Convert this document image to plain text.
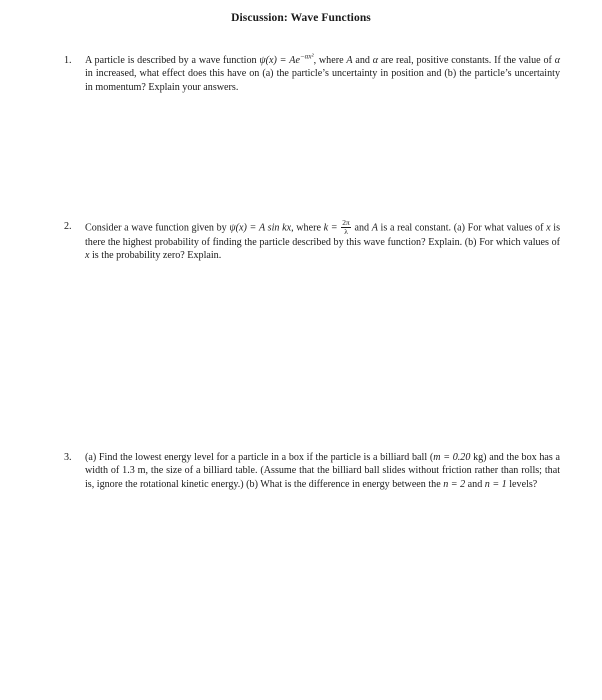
Discussion: Wave Functions
1. A particle is described by a wave function $\psi(x) = Ae^{-\alpha x^2}$, where A and α are real, positive constants. If the value of α in increased, what effect does this have on (a) the particle’s uncertainty in position and (b) the particle’s uncertainty in momentum? Explain your answers.
2. Consider a wave function given by ψ(x) = A sin kx, where $k = \frac{2\pi}{\lambda}$ and A is a real constant. (a) For what values of x is there the highest probability of finding the particle described by this wave function? Explain. (b) For which values of x is the probability zero? Explain.
3. (a) Find the lowest energy level for a particle in a box if the particle is a billiard ball (m = 0.20 kg) and the box has a width of 1.3 m, the size of a billiard table. (Assume that the billiard ball slides without friction rather than rolls; that is, ignore the rotational kinetic energy.) (b) What is the difference in energy between the n = 2 and n = 1 levels?
